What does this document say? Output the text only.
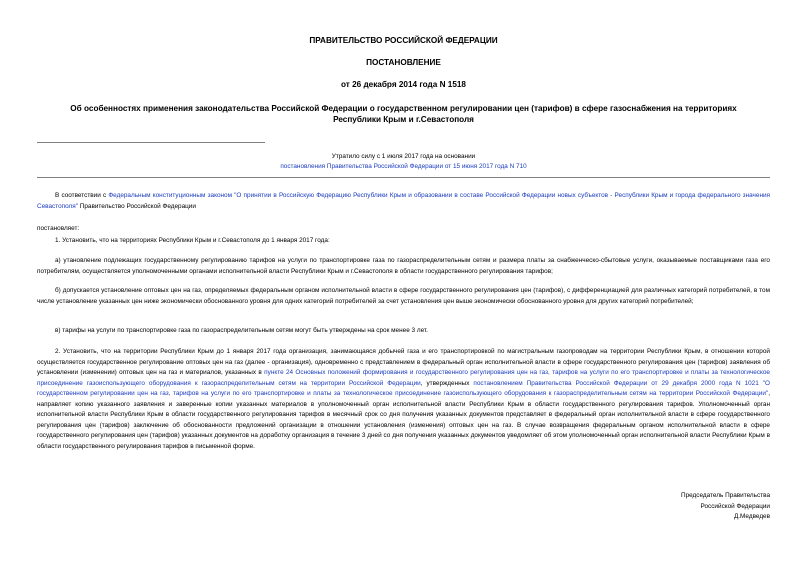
ПРАВИТЕЛЬСТВО РОССИЙСКОЙ ФЕДЕРАЦИИ
ПОСТАНОВЛЕНИЕ
от 26 декабря 2014 года N 1518
Об особенностях применения законодательства Российской Федерации о государственном регулировании цен (тарифов) в сфере газоснабжения на территориях Республики Крым и г.Севастополя
Утратило силу с 1 июля 2017 года на основании
постановления Правительства Российской Федерации от 15 июня 2017 года N 710
В соответствии с Федеральным конституционным законом "О принятии в Российскую Федерацию Республики Крым и образовании в составе Российской Федерации новых субъектов - Республики Крым и города федерального значения Севастополя" Правительство Российской Федерации
постановляет:
1. Установить, что на территориях Республики Крым и г.Севастополя до 1 января 2017 года:
а) утановление подлежащих государственному регулированию тарифов на услуги по транспортировке газа по газораспределительным сетям и размера платы за снабженческо-сбытовые услуги, оказываемые поставщиками газа его потребителям, осуществляется уполномоченными органами исполнительной власти Республики Крым и г.Севастополя в области государственного регулирования тарифов;
б) допускается установление оптовых цен на газ, определяемых федеральным органом исполнительной власти в сфере государственного регулирования цен (тарифов), с дифференциацией для различных категорий потребителей, в том числе установление указанных цен ниже экономически обоснованного уровня для одних категорий потребителей за счет установления цен выше экономически обоснованного уровня для других категорий потребителей;
в) тарифы на услуги по транспортировке газа по газораспределительным сетям могут быть утверждены на срок менее 3 лет.
2. Установить, что на территории Республики Крым до 1 января 2017 года организация, занимающаяся добычей газа и его транспортировкой по магистральным газопроводам на территории Республики Крым, в отношении которой осуществляется государственное регулирование оптовых цен на газ (далее - организация), одновременно с представлением в федеральный орган исполнительной власти в сфере государственного регулирования цен (тарифов) заявления об установлении (изменении) оптовых цен на газ и материалов, указанных в пункте 24 Основных положений формирования и государственного регулирования цен на газ, тарифов на услуги по его транспортировке и платы за технологическое присоединение газоиспользующего оборудования к газораспределительным сетям на территории Российской Федерации, утвержденных постановлением Правительства Российской Федерации от 29 декабря 2000 года N 1021 "О государственном регулировании цен на газ, тарифов на услуги по его транспортировке и платы за технологическое присоединение газоиспользующего оборудования к газораспределительным сетям на территории Российской Федерации", направляет копию указанного заявления и заверенные копии указанных материалов в уполномоченный орган исполнительной власти Республики Крым в области государственного регулирования тарифов. Уполномоченный орган исполнительной власти Республики Крым в области государственного регулирования тарифов в месячный срок со дня получения указанных документов представляет в федеральный орган исполнительной власти в сфере государственного регулирования цен (тарифов) заключение об обоснованности предложений организации в отношении установления (изменения) оптовых цен на газ. В случае возвращения федеральным органом исполнительной власти в сфере государственного регулирования цен (тарифов) указанных документов на доработку организация в течение 3 дней со дня получения указанных документов уведомляет об этом уполномоченный орган исполнительной власти Республики Крым в области государственного регулирования тарифов в письменной форме.
Председатель Правительства
Российской Федерации
Д.Медведев
